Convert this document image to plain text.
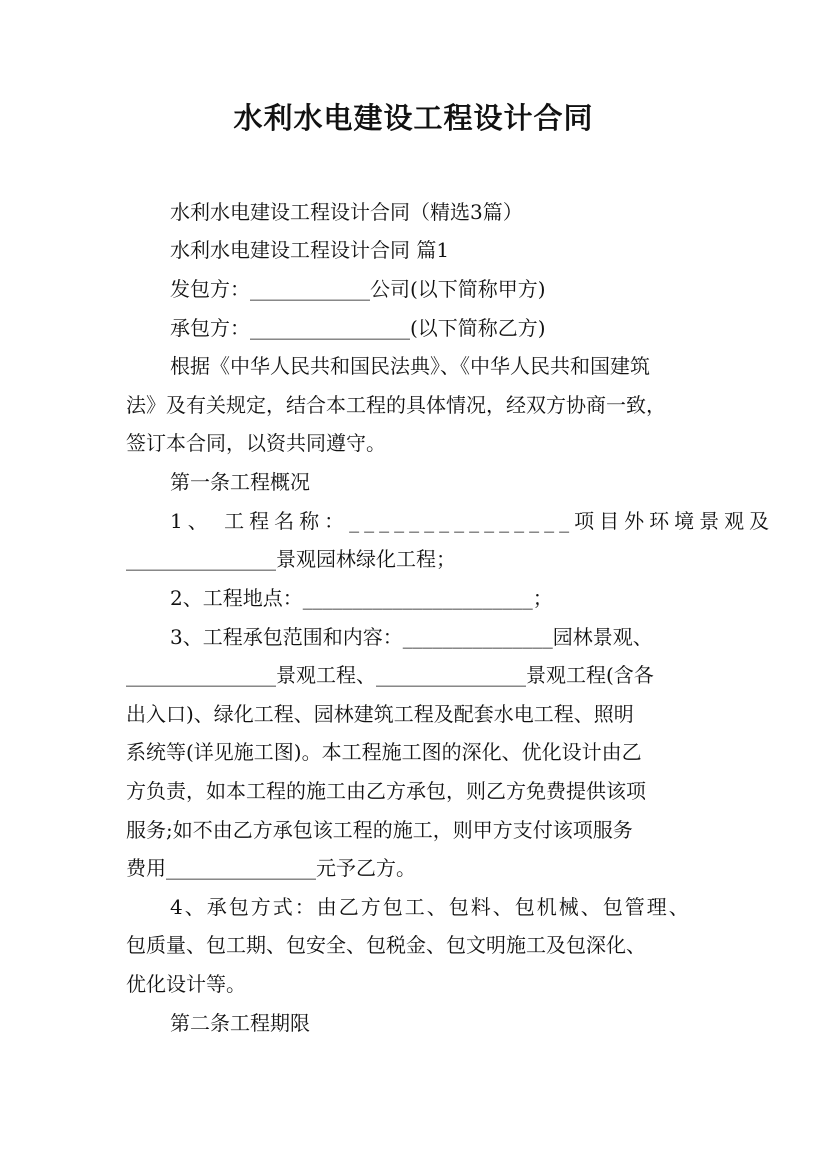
水利水电建设工程设计合同
水利水电建设工程设计合同（精选3篇）
水利水电建设工程设计合同 篇1
发包方：____________公司(以下简称甲方)
承包方：________________(以下简称乙方)
根据《中华人民共和国民法典》、《中华人民共和国建筑
法》及有关规定，结合本工程的具体情况，经双方协商一致，
签订本合同，以资共同遵守。
第一条工程概况
1、 工程名称：_______________项目外环境景观及
_______________景观园林绿化工程；
2、工程地点：_______________________；
3、工程承包范围和内容：_______________园林景观、
_______________景观工程、_______________景观工程(含各
出入口)、绿化工程、园林建筑工程及配套水电工程、照明
系统等(详见施工图)。本工程施工图的深化、优化设计由乙
方负责，如本工程的施工由乙方承包，则乙方免费提供该项
服务;如不由乙方承包该工程的施工，则甲方支付该项服务
费用_______________元予乙方。
4、承包方式：由乙方包工、包料、包机械、包管理、
包质量、包工期、包安全、包税金、包文明施工及包深化、
优化设计等。
第二条工程期限
